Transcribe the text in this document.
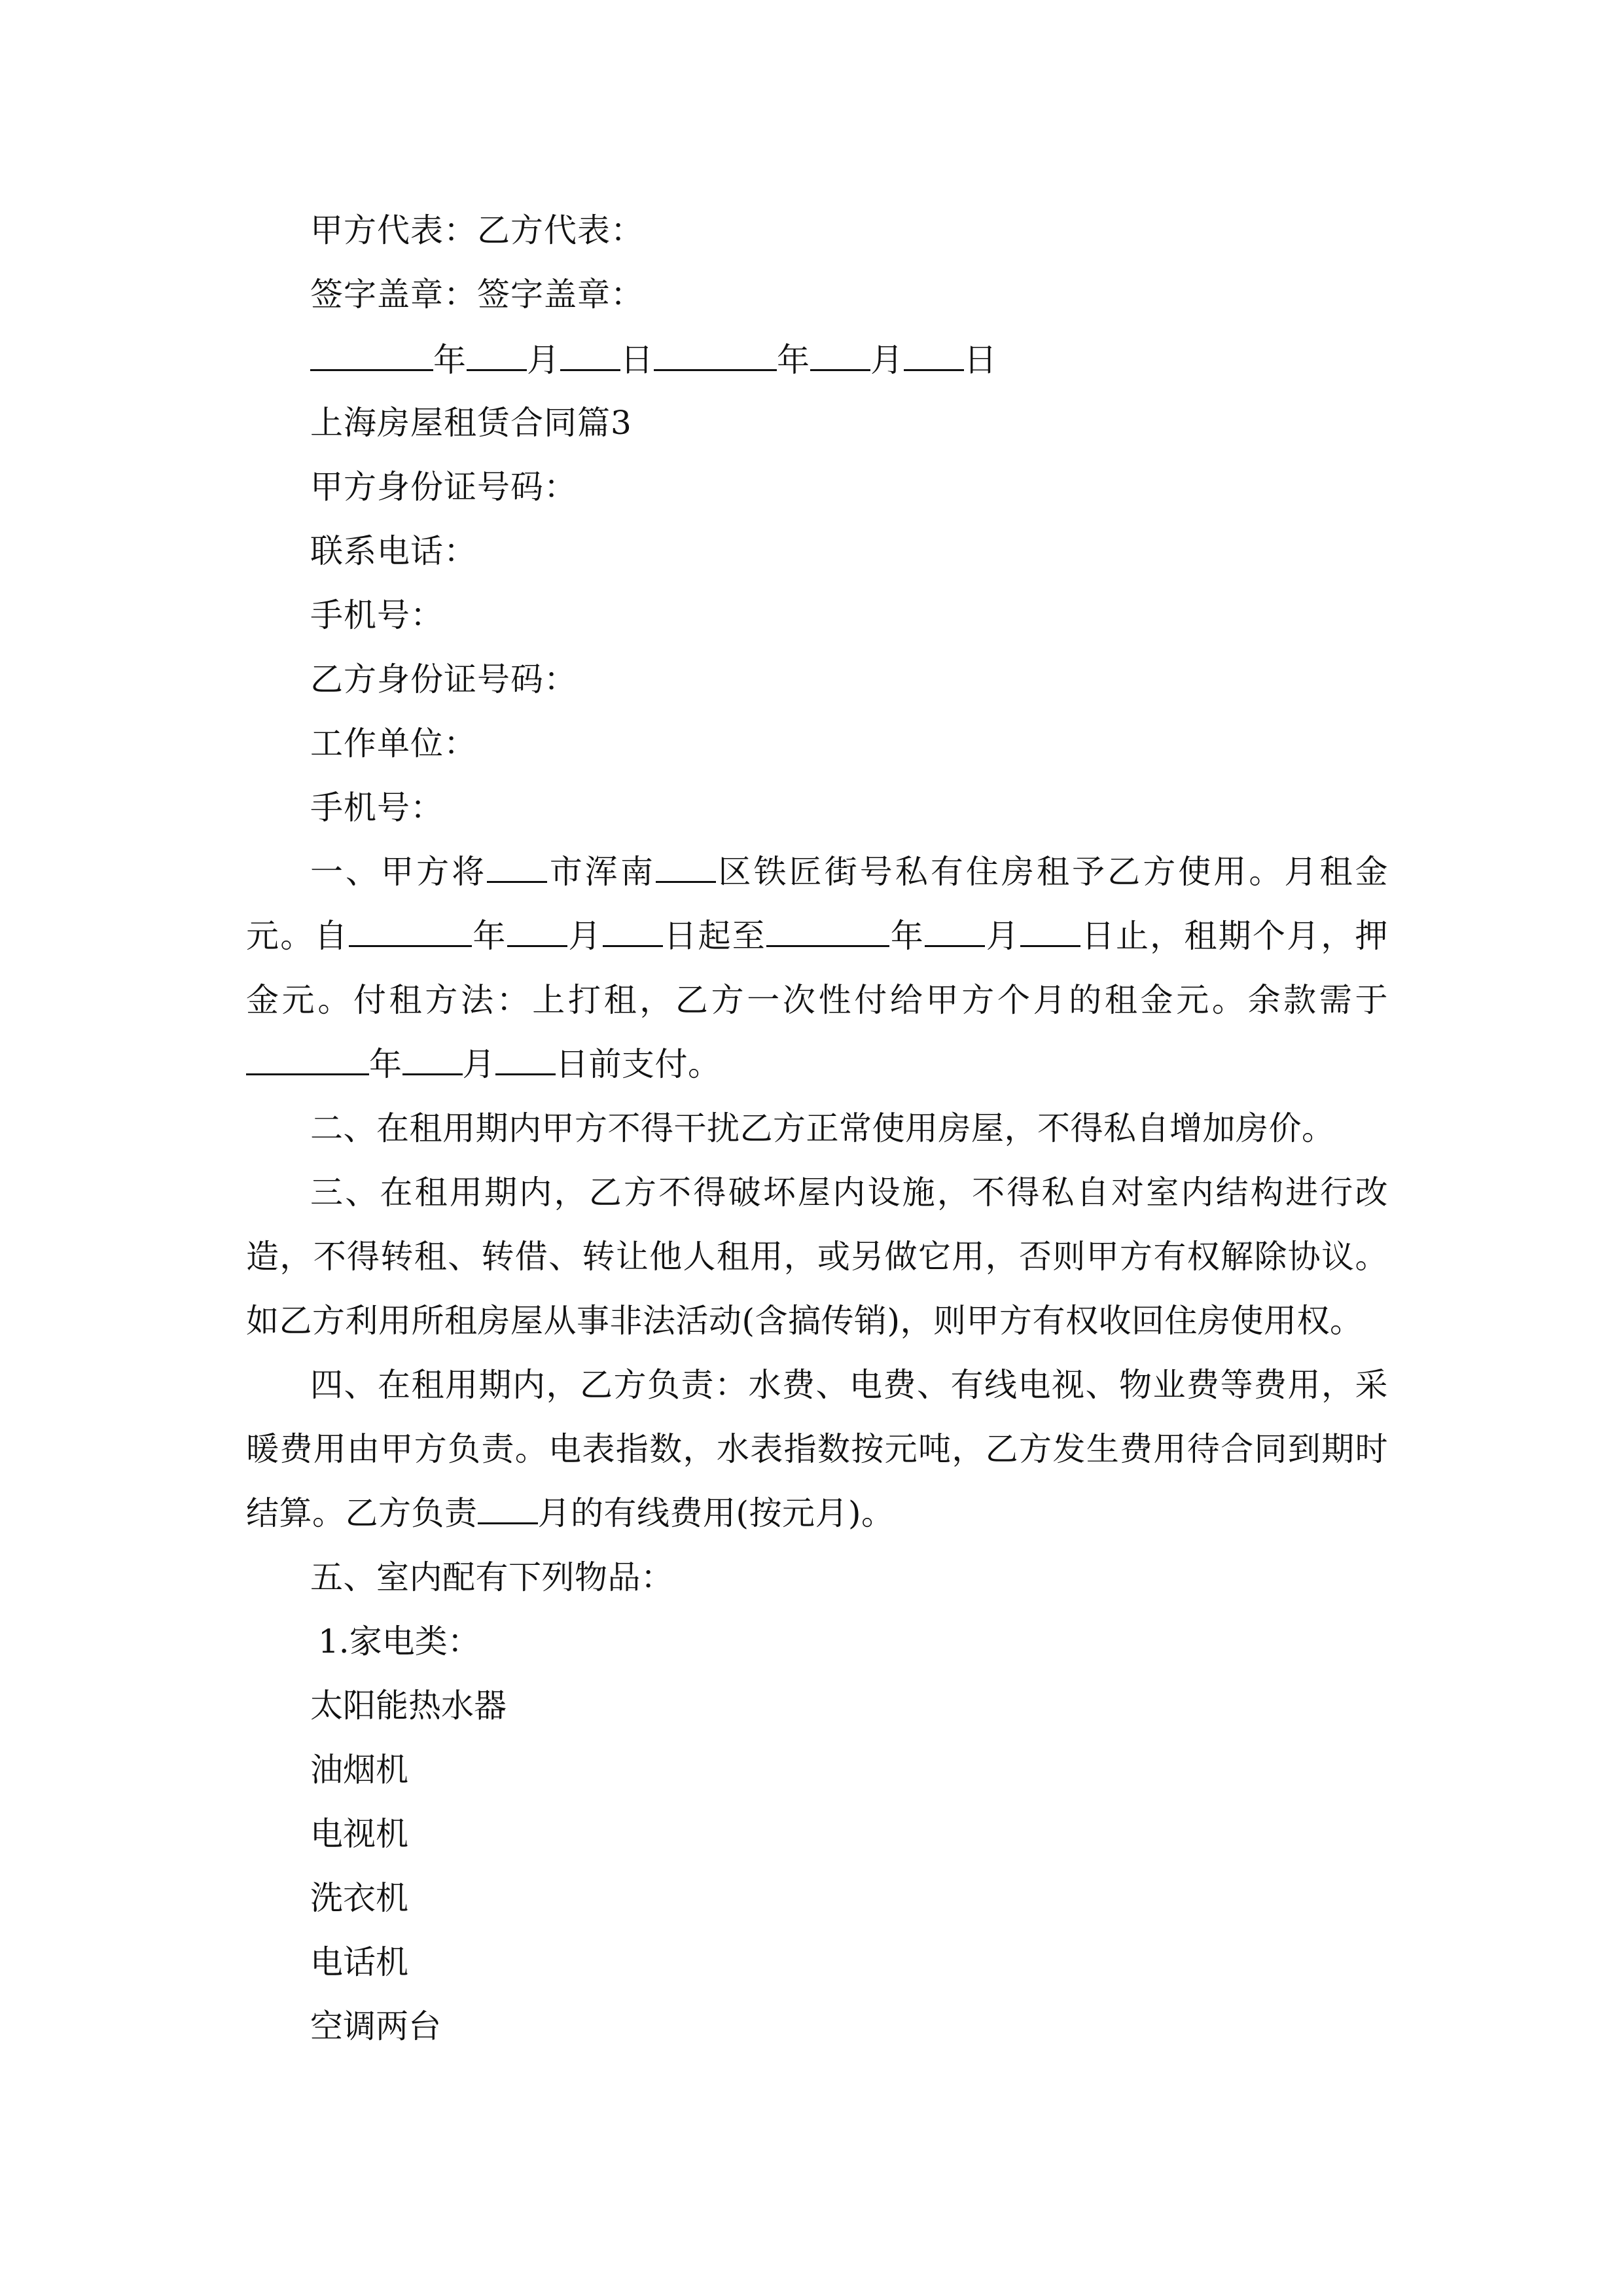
甲方代表：乙方代表：
签字盖章：签字盖章：
年 月 日	年 月 日
上海房屋租赁合同篇3
甲方身份证号码：
联系电话：
手机号：
乙方身份证号码：
工作单位：
手机号：
一、甲方将 市浑南 区铁匠街号私有住房租予乙方使用。月租金元。自	年 月 日起至	年 月 日止，租期个月，押金元。付租方法：上打租，乙方一次性付给甲方个月的租金元。余款需于年 月 日前支付。
二、在租用期内甲方不得干扰乙方正常使用房屋，不得私自增加房价。
三、在租用期内，乙方不得破坏屋内设施，不得私自对室内结构进行改造，不得转租、转借、转让他人租用，或另做它用，否则甲方有权解除协议。如乙方利用所租房屋从事非法活动(含搞传销)，则甲方有权收回住房使用权。
四、在租用期内，乙方负责：水费、电费、有线电视、物业费等费用，采暖费用由甲方负责。电表指数，水表指数按元吨，乙方发生费用待合同到期时结算。乙方负责 月的有线费用(按元月)。
五、室内配有下列物品：
1.家电类：
太阳能热水器
油烟机
电视机
洗衣机
电话机
空调两台
